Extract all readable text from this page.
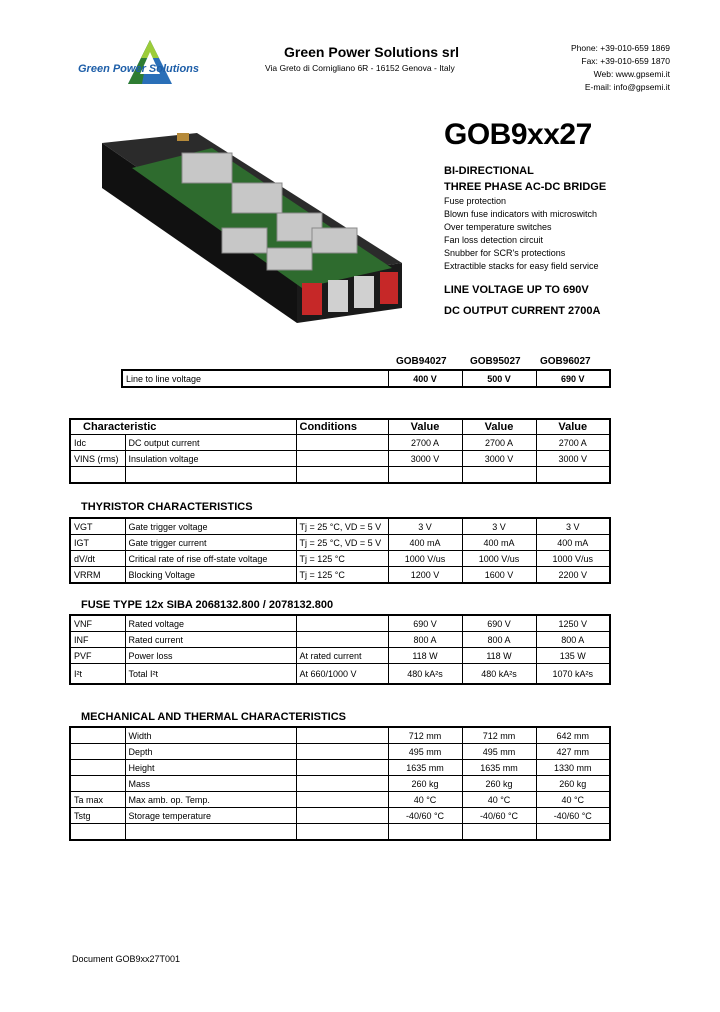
Green Power Solutions
Green Power Solutions srl
Via Greto di Cornigliano 6R - 16152 Genova - Italy
Phone: +39-010-659 1869
Fax: +39-010-659 1870
Web: www.gpsemi.it
E-mail: info@gpsemi.it
GOB9xx27
BI-DIRECTIONAL
THREE PHASE AC-DC BRIDGE
Fuse protection
Blown fuse indicators with microswitch
Over temperature switches
Fan loss detection circuit
Snubber for SCR's protections
Extractible stacks for easy field service
LINE VOLTAGE UP TO 690V
DC OUTPUT CURRENT 2700A
GOB94027 GOB95027 GOB96027
Line to line voltage	400 V	500 V	690 V
Characteristic		Conditions	Value	Value	Value
Idc	DC output current		2700 A	2700 A	2700 A
VINS (rms)	Insulation voltage		3000 V	3000 V	3000 V

THYRISTOR CHARACTERISTICS
VGT	Gate trigger voltage	Tj = 25 °C, VD = 5 V	3 V	3 V	3 V
IGT	Gate trigger current	Tj = 25 °C, VD = 5 V	400 mA	400 mA	400 mA
dV/dt	Critical rate of rise off-state voltage	Tj = 125 °C	1000 V/us	1000 V/us	1000 V/us
VRRM	Blocking Voltage	Tj = 125 °C	1200 V	1600 V	2200 V
FUSE TYPE 12x SIBA 2068132.800 / 2078132.800
VNF	Rated voltage		690 V	690 V	1250 V
INF	Rated current		800 A	800 A	800 A
PVF	Power loss	At rated current	118 W	118 W	135 W
I²t	Total I²t	At 660/1000 V	480 kA²s	480 kA²s	1070 kA²s
MECHANICAL AND THERMAL CHARACTERISTICS
	Width		712 mm	712 mm	642 mm
	Depth		495 mm	495 mm	427 mm
	Height		1635 mm	1635 mm	1330 mm
	Mass		260 kg	260 kg	260 kg
Ta max	Max amb. op. Temp.		40 °C	40 °C	40 °C
Tstg	Storage temperature		-40/60 °C	-40/60 °C	-40/60 °C

Document GOB9xx27T001
